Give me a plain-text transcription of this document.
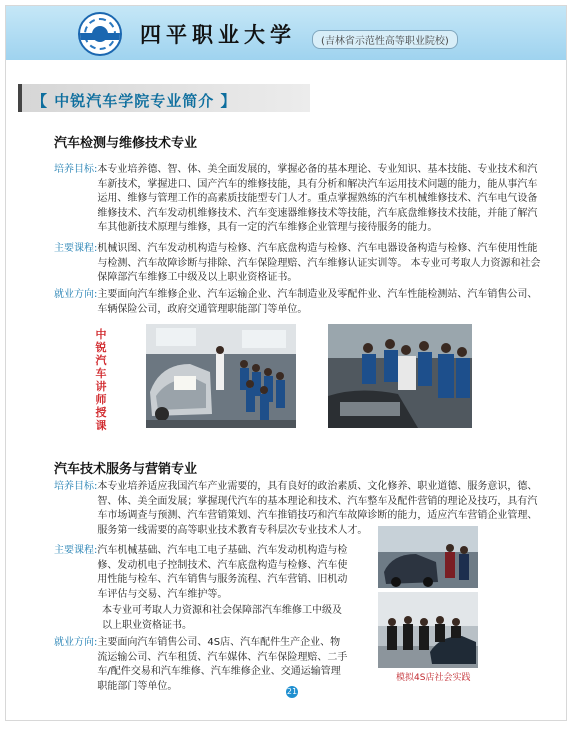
四平职业大学	(吉林省示范性高等职业院校)
【 中锐汽车学院专业简介 】
汽车检测与维修技术专业
培养目标: 本专业培养德、智、体、美全面发展的，掌握必备的基本理论、专业知识、基本技能、专业技术和汽车新技术，掌握进口、国产汽车的维修技能，具有分析和解决汽车运用技术问题的能力，能从事汽车运用、维修与管理工作的高素质技能型专门人才。重点掌握熟练的汽车机械维修技术、汽车电气设备维修技术、汽车发动机维修技术、汽车变速器维修技术等技能，汽车底盘维修技术技能，并能了解汽车其他新技术原理与维修，具有一定的汽车维修企业管理与接待服务的能力。
主要课程: 机械识图、汽车发动机构造与检修、汽车底盘构造与检修、汽车电器设备构造与检修、汽车使用性能与检测、汽车故障诊断与排除、汽车保险理赔、汽车维修认证实训等。 本专业可考取人力资源和社会保障部汽车维修工中级及以上职业资格证书。
就业方向: 主要面向汽车维修企业、汽车运输企业、汽车制造业及零配件业、汽车性能检测站、汽车销售公司、车辆保险公司，政府交通管理职能部门等单位。
中锐汽车讲师授课
汽车技术服务与营销专业
培养目标: 本专业培养适应我国汽车产业需要的，具有良好的政治素质、文化修养、职业道德、服务意识，德、智、体、美全面发展；掌握现代汽车的基本理论和技术、汽车整车及配件营销的理论及技巧，具有汽车市场调查与预测、汽车营销策划、汽车推销技巧和汽车故障诊断的能力，适应汽车营销企业管理、服务第一线需要的高等职业技术教育专科层次专业技术人才。
主要课程: 汽车机械基础、汽车电工电子基础、汽车发动机构造与检修、发动机电子控制技术、汽车底盘构造与检修、汽车使用性能与检车、汽车销售与服务流程、汽车营销、旧机动车评估与交易、汽车维护等。
本专业可考取人力资源和社会保障部汽车维修工中级及以上职业资格证书。
就业方向: 主要面向汽车销售公司、4S店、汽车配件生产企业、物流运输公司、汽车租赁、汽车媒体、汽车保险理赔、二手车/配件交易和汽车维修、汽车维修企业、交通运输管理职能部门等单位。
模拟4S店社会实践
21
